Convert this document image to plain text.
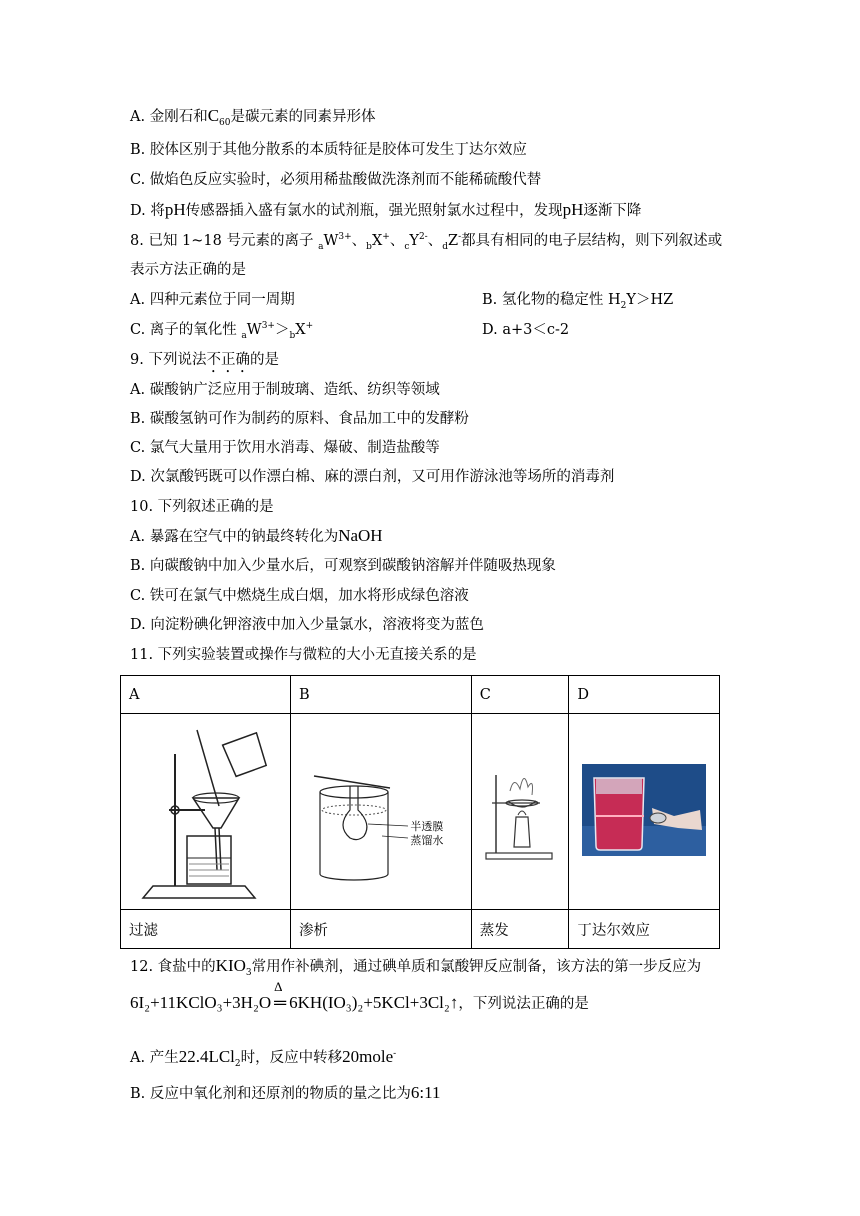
A. 金刚石和$C_{60}$是碳元素的同素异形体
B. 胶体区别于其他分散系的本质特征是胶体可发生丁达尔效应
C. 做焰色反应实验时，必须用稀盐酸做洗涤剂而不能稀硫酸代替
D. 将pH传感器插入盛有氯水的试剂瓶，强光照射氯水过程中，发现pH逐渐下降
8. 已知 1~18 号元素的离子 $_aW^{3+}$、$_b$X+、$_cY^{2-}$、$_d$Z-都具有相同的电子层结构，则下列叙述或
表示方法正确的是
A. 四种元素位于同一周期	B. 氢化物的稳定性 $H_2Y>HZ$
C. 离子的氧化性 $_aW^{3+}>_bX^+$	D. a+3＜c-2
9. 下列说法不正确的是
A. 碳酸钠广泛应用于制玻璃、造纸、纺织等领域
B. 碳酸氢钠可作为制药的原料、食品加工中的发酵粉
C. 氯气大量用于饮用水消毒、爆破、制造盐酸等
D. 次氯酸钙既可以作漂白棉、麻的漂白剂，又可用作游泳池等场所的消毒剂
10. 下列叙述正确的是
A. 暴露在空气中的钠最终转化为NaOH
B. 向碳酸钠中加入少量水后，可观察到碳酸钠溶解并伴随吸热现象
C. 铁可在氯气中燃烧生成白烟，加水将形成绿色溶液
D. 向淀粉碘化钾溶液中加入少量氯水，溶液将变为蓝色
11. 下列实验装置或操作与微粒的大小无直接关系的是
A	B	C	D

半透膜
蒸馏水

过滤	渗析	蒸发	丁达尔效应
12. 食盐中的$KIO_3$常用作补碘剂，通过碘单质和氯酸钾反应制备，该方法的第一步反应为
6I₂+11KClO₃+3H₂O
Δ
═ 6KH(IO₃)₂+5KCl+3Cl₂↑，下列说法正确的是
A. 产生22.4LCl$_2$时，反应中转移20mole-
B. 反应中氧化剂和还原剂的物质的量之比为6:11
